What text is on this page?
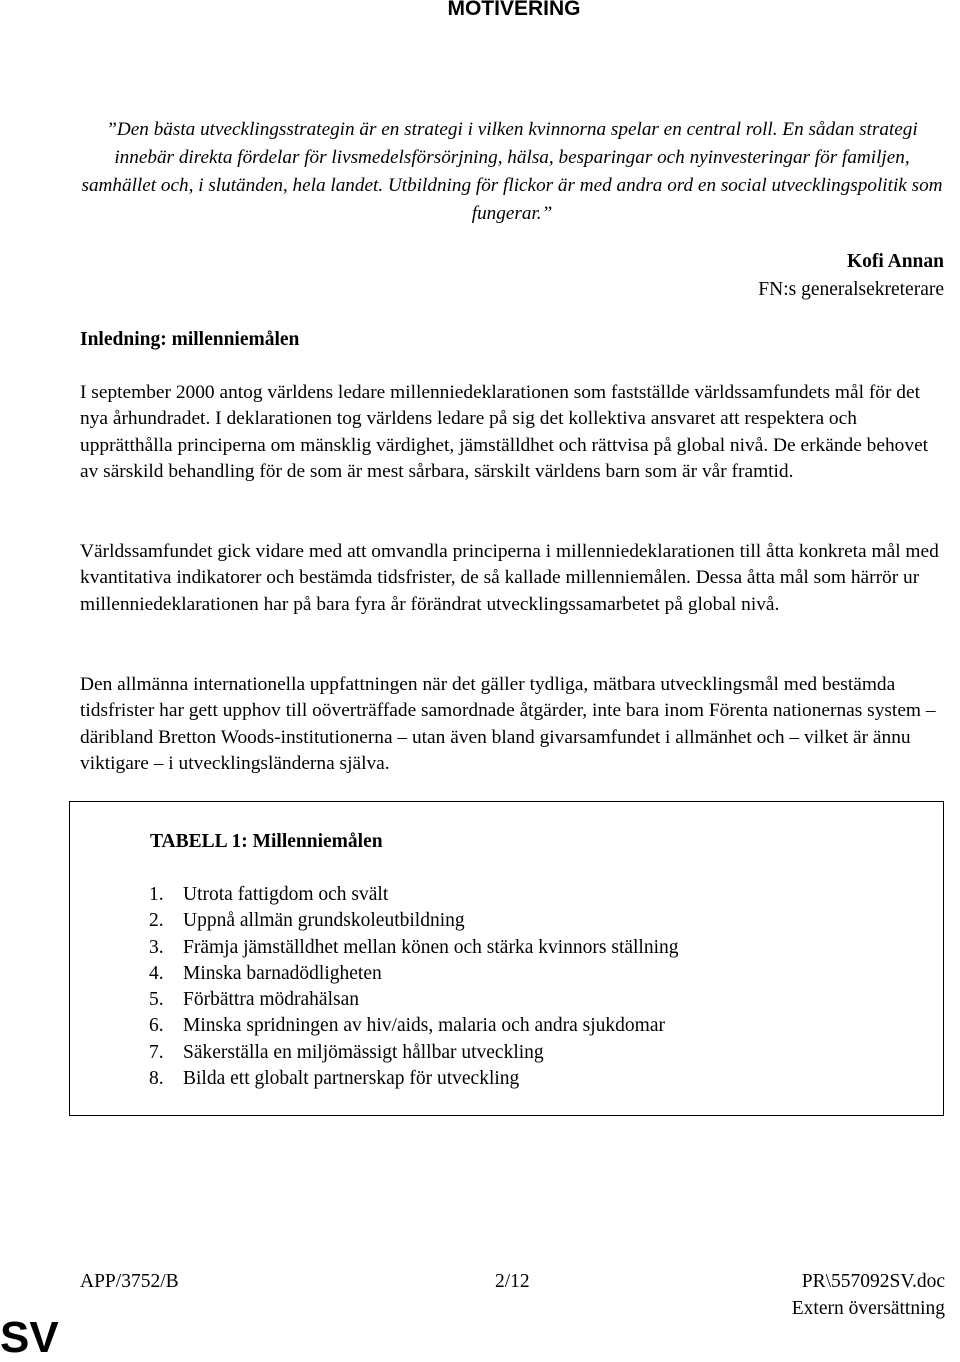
MOTIVERING

”Den bästa utvecklingsstrategin är en strategi i vilken kvinnorna spelar en central roll. En sådan strategi innebär direkta fördelar för livsmedelsförsörjning, hälsa, besparingar och nyinvesteringar för familjen, samhället och, i slutänden, hela landet. Utbildning för flickor är med andra ord en social utvecklingspolitik som fungerar.”

Kofi Annan
FN:s generalsekreterare
Inledning: millenniemålen

I september 2000 antog världens ledare millenniedeklarationen som fastställde världssamfundets mål för det nya århundradet. I deklarationen tog världens ledare på sig det kollektiva ansvaret att respektera och upprätthålla principerna om mänsklig värdighet, jämställdhet och rättvisa på global nivå. De erkände behovet av särskild behandling för de som är mest sårbara, särskilt världens barn som är vår framtid.

Världssamfundet gick vidare med att omvandla principerna i millenniedeklarationen till åtta konkreta mål med kvantitativa indikatorer och bestämda tidsfrister, de så kallade millenniemålen. Dessa åtta mål som härrör ur millenniedeklarationen har på bara fyra år förändrat utvecklingssamarbetet på global nivå.

Den allmänna internationella uppfattningen när det gäller tydliga, mätbara utvecklingsmål med bestämda tidsfrister har gett upphov till oöverträffade samordnade åtgärder, inte bara inom Förenta nationernas system – däribland Bretton Woods-institutionerna – utan även bland givarsamfundet i allmänhet och – vilket är ännu viktigare – i utvecklingsländerna själva.

TABELL 1: Millenniemålen
1. Utrota fattigdom och svält
2. Uppnå allmän grundskoleutbildning
3. Främja jämställdhet mellan könen och stärka kvinnors ställning
4. Minska barnadödligheten
5. Förbättra mödrahälsan
6. Minska spridningen av hiv/aids, malaria och andra sjukdomar
7. Säkerställa en miljömässigt hållbar utveckling
8. Bilda ett globalt partnerskap för utveckling
APP/3752/B	2/12	PR\557092SV.doc
Extern översättning
SV
